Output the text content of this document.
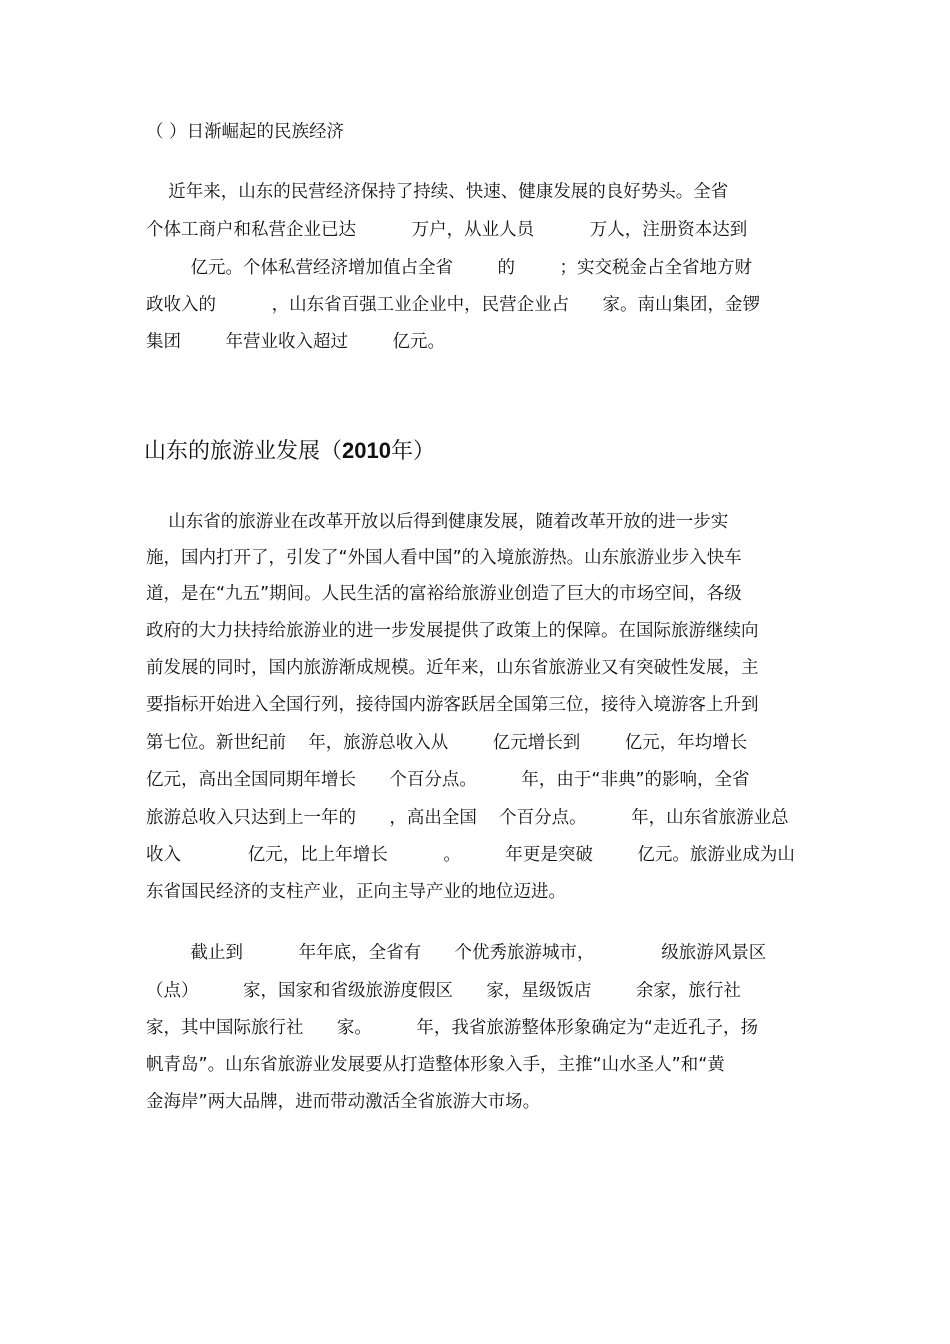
（ ）日渐崛起的民族经济
近年来，山东的民营经济保持了持续、快速、健康发展的良好势头。全省
个体工商户和私营企业已达          万户，从业人员          万人，注册资本达到
亿元。个体私营经济增加值占全省        的        ；实交税金占全省地方财
政收入的          ，山东省百强工业企业中，民营企业占      家。南山集团，金锣
集团        年营业收入超过        亿元。
山东的旅游业发展（2010年）
山东省的旅游业在改革开放以后得到健康发展，随着改革开放的进一步实
施，国内打开了，引发了“外国人看中国”的入境旅游热。山东旅游业步入快车
道，是在“九五”期间。人民生活的富裕给旅游业创造了巨大的市场空间，各级
政府的大力扶持给旅游业的进一步发展提供了政策上的保障。在国际旅游继续向
前发展的同时，国内旅游渐成规模。近年来，山东省旅游业又有突破性发展，主
要指标开始进入全国行列，接待国内游客跃居全国第三位，接待入境游客上升到
第七位。新世纪前    年，旅游总收入从        亿元增长到        亿元，年均增长
亿元，高出全国同期年增长      个百分点。        年，由于“非典”的影响，全省
旅游总收入只达到上一年的      ，高出全国    个百分点。        年，山东省旅游业总
收入            亿元，比上年增长          。        年更是突破        亿元。旅游业成为山
东省国民经济的支柱产业，正向主导产业的地位迈进。
截止到          年年底，全省有      个优秀旅游城市，            级旅游风景区
（点）        家，国家和省级旅游度假区      家，星级饭店        余家，旅行社
家，其中国际旅行社      家。        年，我省旅游整体形象确定为“走近孔子，扬
帆青岛”。山东省旅游业发展要从打造整体形象入手，主推“山水圣人”和“黄
金海岸”两大品牌，进而带动激活全省旅游大市场。
